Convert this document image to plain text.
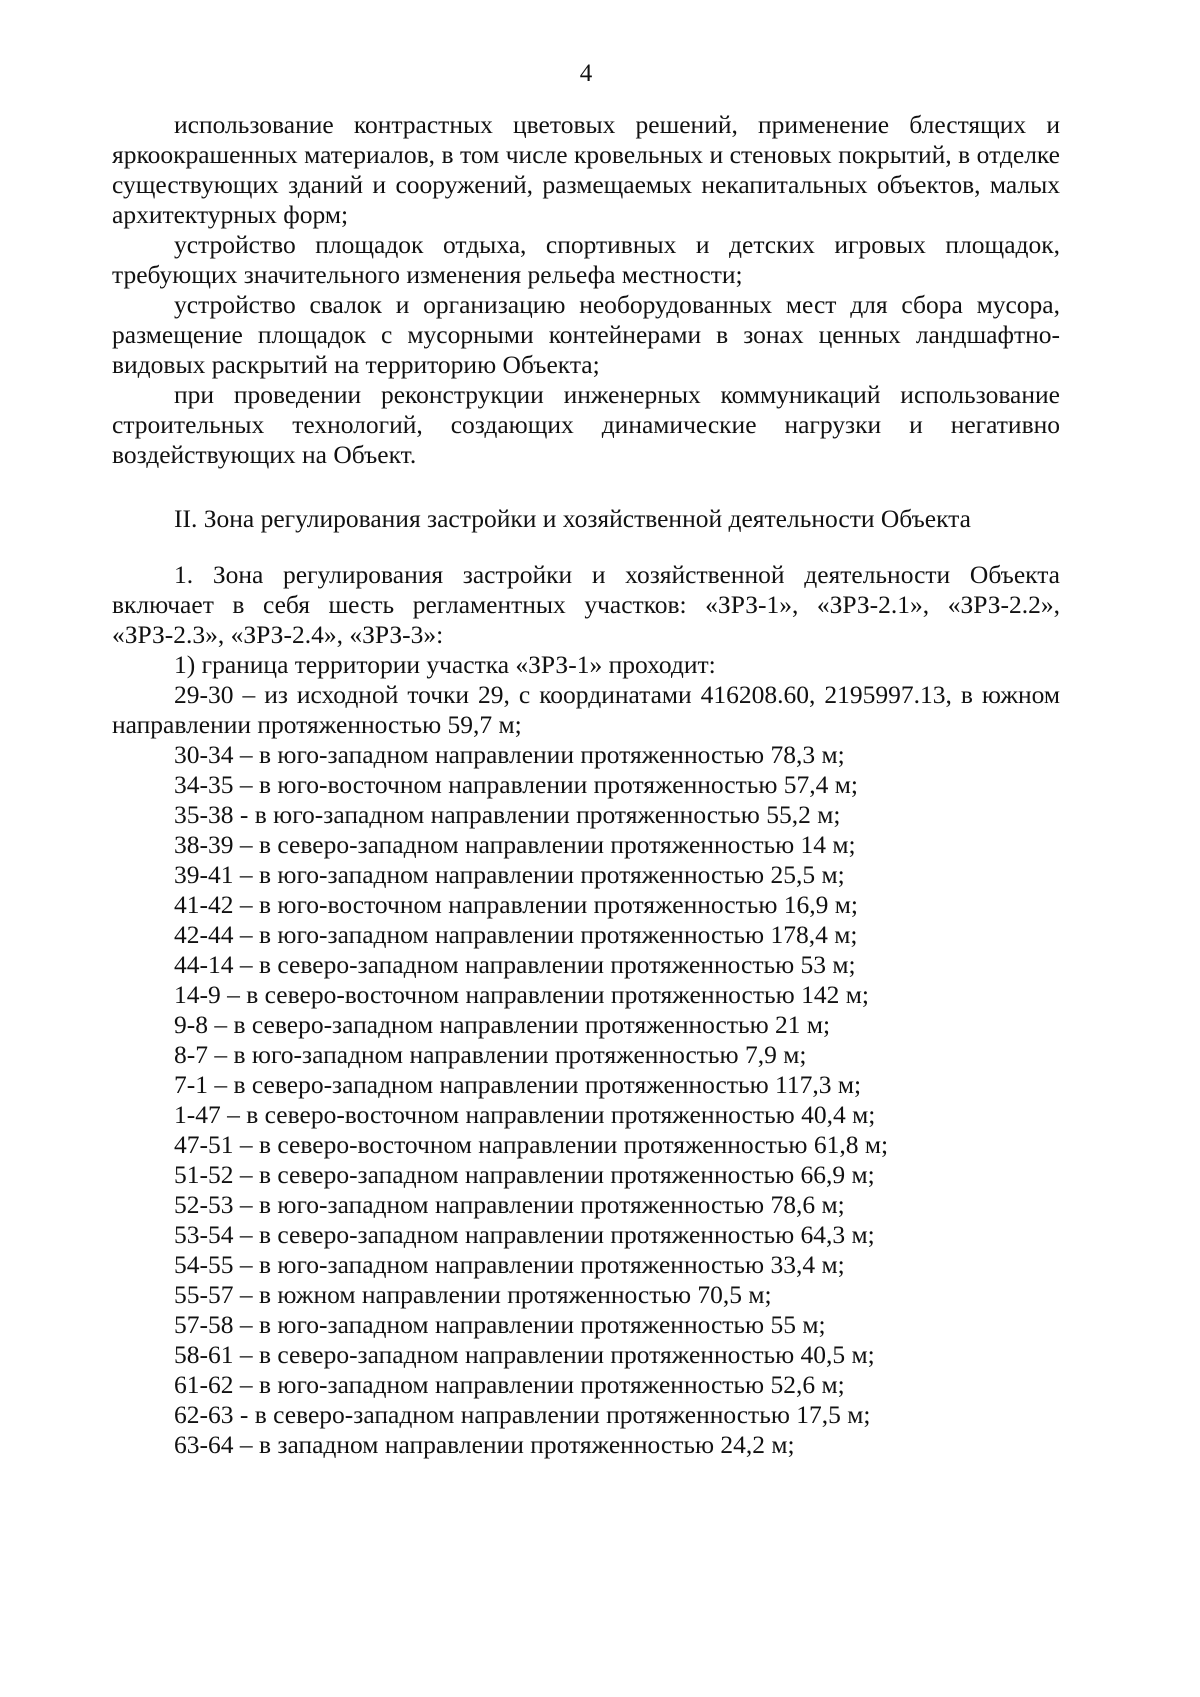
4

использование контрастных цветовых решений, применение блестящих и яркоокрашенных материалов, в том числе кровельных и стеновых покрытий, в отделке существующих зданий и сооружений, размещаемых некапитальных объектов, малых архитектурных форм;

устройство площадок отдыха, спортивных и детских игровых площадок, требующих значительного изменения рельефа местности;

устройство свалок и организацию необорудованных мест для сбора мусора, размещение площадок с мусорными контейнерами в зонах ценных ландшафтно-видовых раскрытий на территорию Объекта;

при проведении реконструкции инженерных коммуникаций использование строительных технологий, создающих динамические нагрузки и негативно воздействующих на Объект.

II. Зона регулирования застройки и хозяйственной деятельности Объекта

1. Зона регулирования застройки и хозяйственной деятельности Объекта включает в себя шесть регламентных участков: «ЗРЗ-1», «ЗРЗ-2.1», «ЗРЗ-2.2», «ЗРЗ-2.3», «ЗРЗ-2.4», «ЗРЗ-3»:

1) граница территории участка «ЗРЗ-1» проходит:

29-30 – из исходной точки 29, с координатами 416208.60, 2195997.13, в южном направлении протяженностью 59,7 м;

30-34 – в юго-западном направлении протяженностью 78,3 м;

34-35 – в юго-восточном направлении протяженностью 57,4 м;

35-38 - в юго-западном направлении протяженностью 55,2 м;

38-39 – в северо-западном направлении протяженностью 14 м;

39-41 – в юго-западном направлении протяженностью 25,5 м;

41-42 – в юго-восточном направлении протяженностью 16,9 м;

42-44 – в юго-западном направлении протяженностью 178,4 м;

44-14 – в северо-западном направлении протяженностью 53 м;

14-9 – в северо-восточном направлении протяженностью 142 м;

9-8 – в северо-западном направлении протяженностью 21 м;

8-7 – в юго-западном направлении протяженностью 7,9 м;

7-1 – в северо-западном направлении протяженностью 117,3 м;

1-47 – в северо-восточном направлении протяженностью 40,4 м;

47-51 – в северо-восточном направлении протяженностью 61,8 м;

51-52 – в северо-западном направлении протяженностью 66,9 м;

52-53 – в юго-западном направлении протяженностью 78,6 м;

53-54 – в северо-западном направлении протяженностью 64,3 м;

54-55 – в юго-западном направлении протяженностью 33,4 м;

55-57 – в южном направлении протяженностью 70,5 м;

57-58 – в юго-западном направлении протяженностью 55 м;

58-61 – в северо-западном направлении протяженностью 40,5 м;

61-62 – в юго-западном направлении протяженностью 52,6 м;

62-63 - в северо-западном направлении протяженностью 17,5 м;

63-64 – в западном направлении протяженностью 24,2 м;
